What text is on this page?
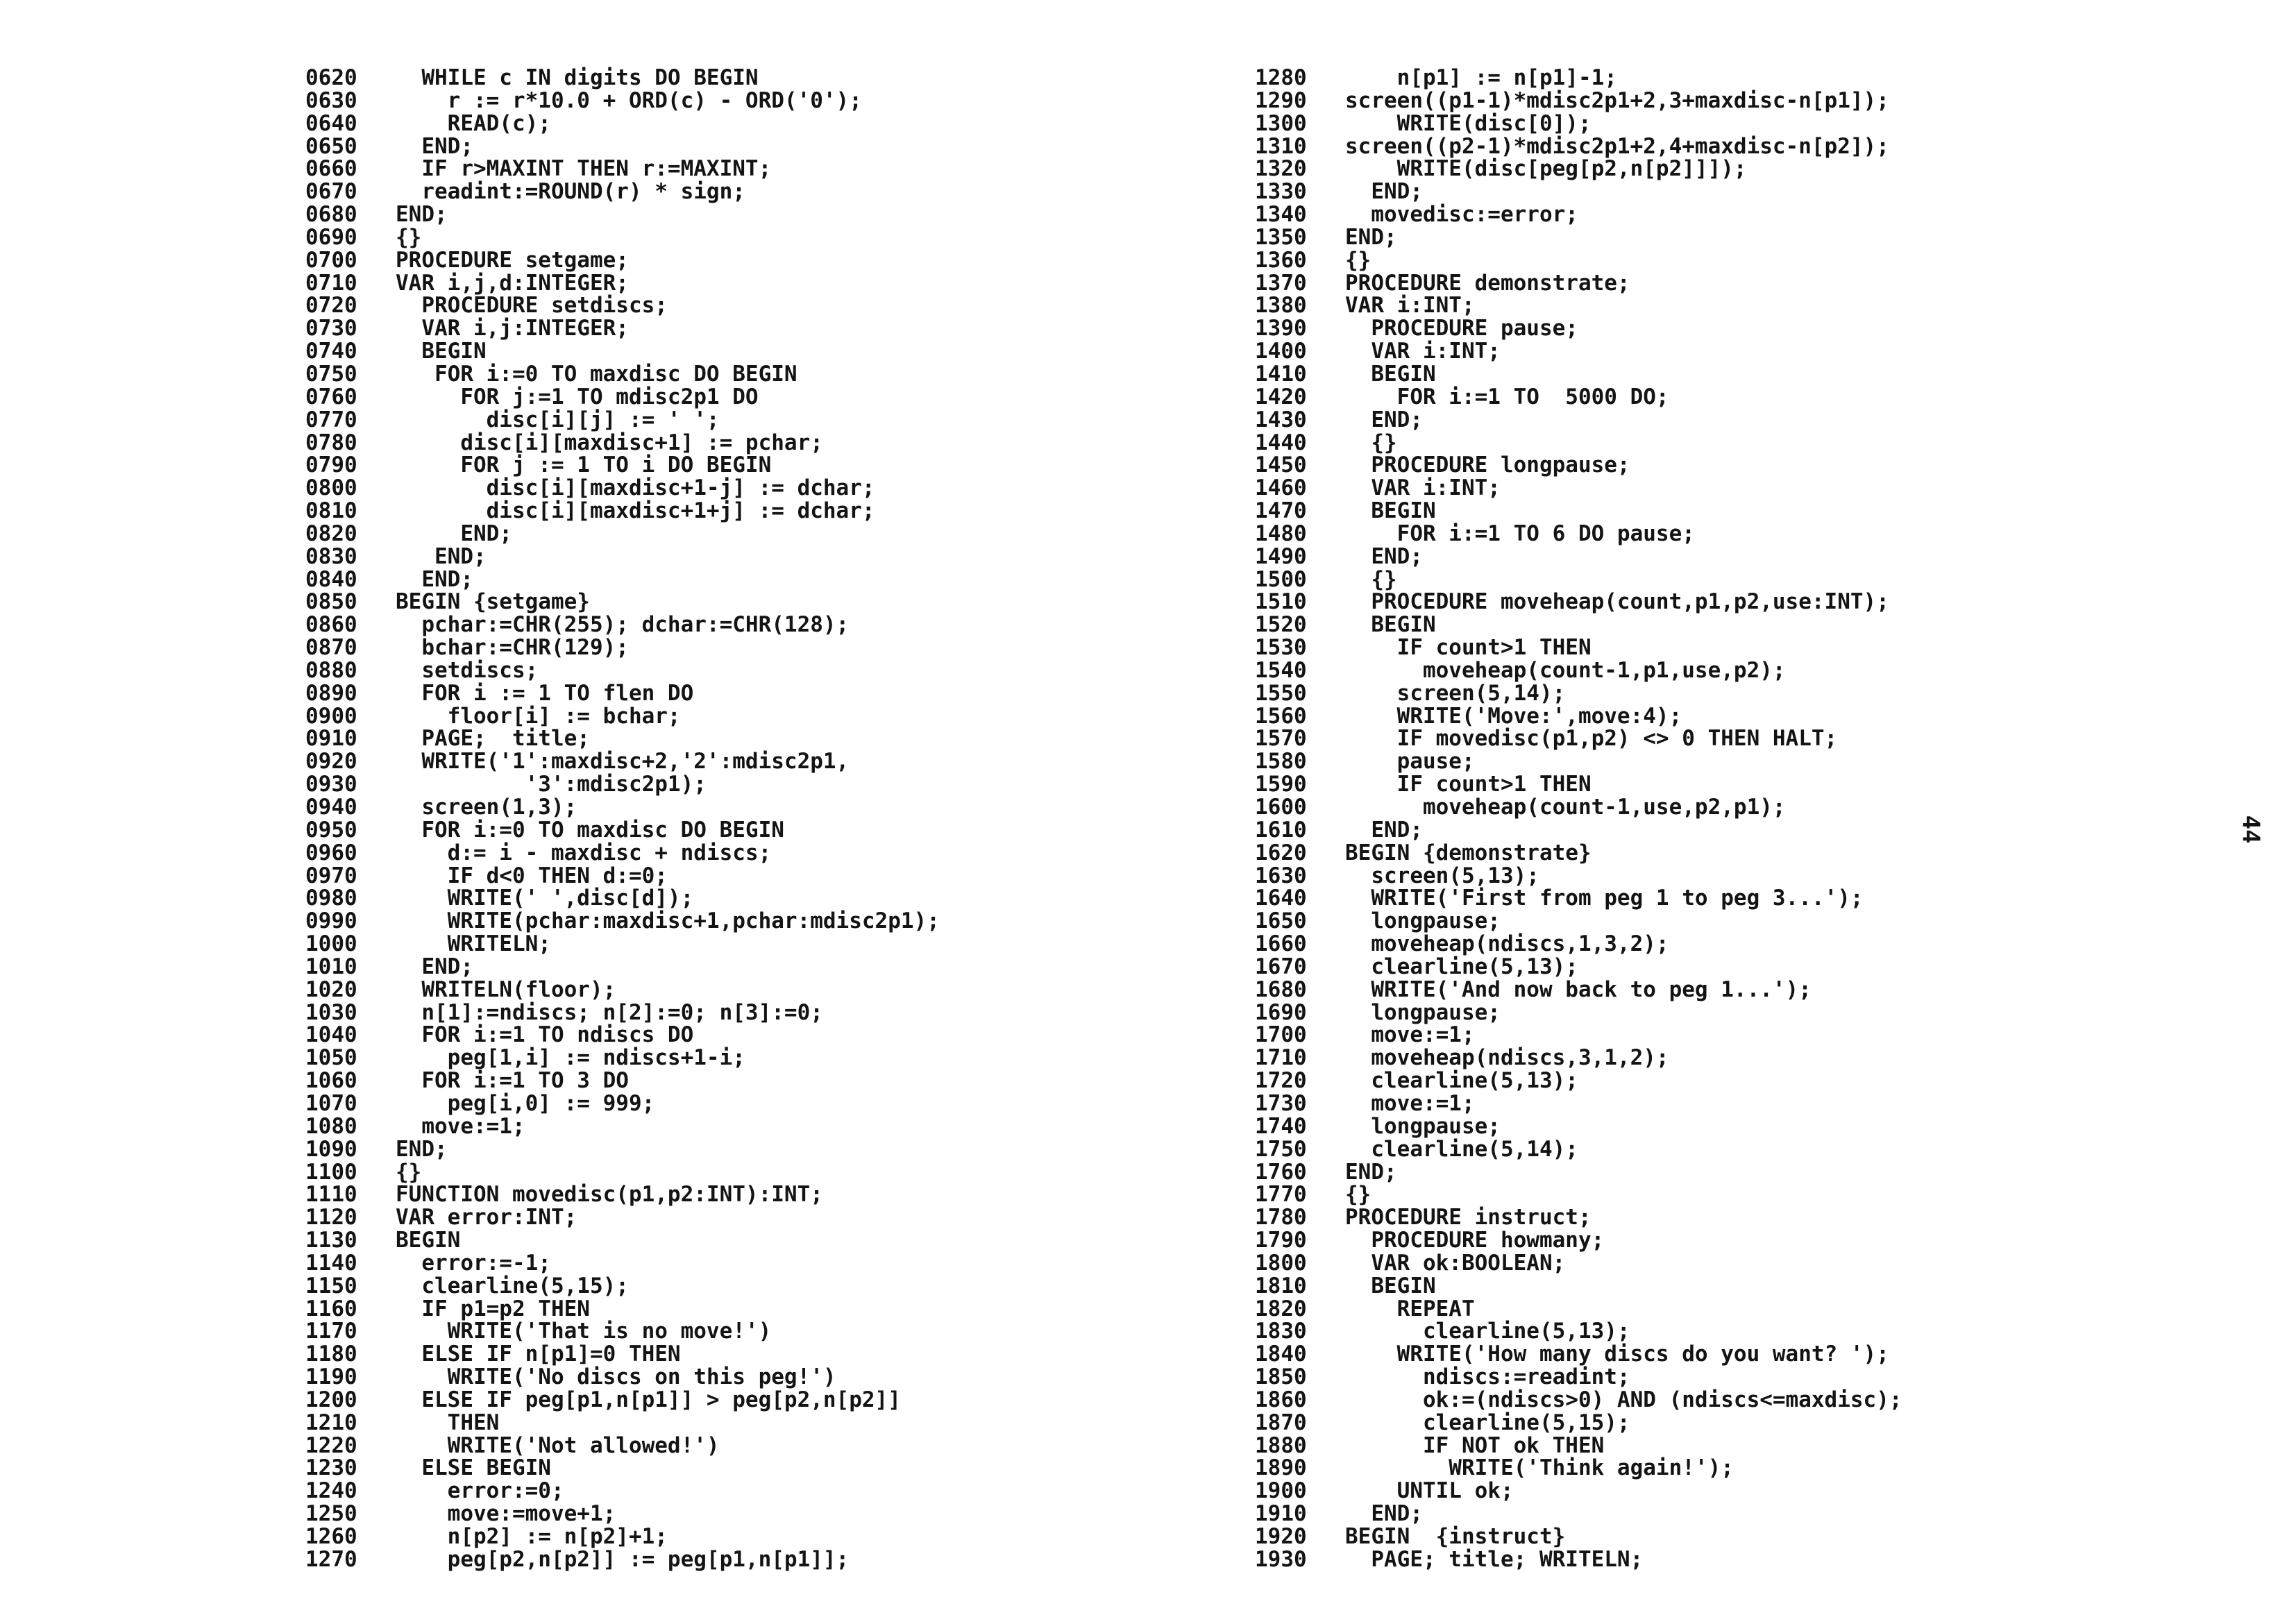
0620  WHILE c IN digits DO BEGIN
0630    r := r*10.0 + ORD(c) - ORD('0');
0640    READ(c);
0650  END;
0660  IF r>MAXINT THEN r:=MAXINT;
0670  readint:=ROUND(r) * sign;
0680 END;
0690 {}
0700 PROCEDURE setgame;
0710 VAR i,j,d:INTEGER;
0720  PROCEDURE setdiscs;
0730  VAR i,j:INTEGER;
0740  BEGIN
0750   FOR i:=0 TO maxdisc DO BEGIN
0760     FOR j:=1 TO mdisc2p1 DO
0770       disc[i][j] := ' ';
0780     disc[i][maxdisc+1] := pchar;
0790     FOR j := 1 TO i DO BEGIN
0800       disc[i][maxdisc+1-j] := dchar;
0810       disc[i][maxdisc+1+j] := dchar;
0820     END;
0830   END;
0840  END;
0850 BEGIN {setgame}
0860  pchar:=CHR(255); dchar:=CHR(128);
0870  bchar:=CHR(129);
0880  setdiscs;
0890  FOR i := 1 TO flen DO
0900    floor[i] := bchar;
0910  PAGE;  title;
0920  WRITE('1':maxdisc+2,'2':mdisc2p1,
0930          '3':mdisc2p1);
0940  screen(1,3);
0950  FOR i:=0 TO maxdisc DO BEGIN
0960    d:= i - maxdisc + ndiscs;
0970    IF d<0 THEN d:=0;
0980    WRITE(' ',disc[d]);
0990    WRITE(pchar:maxdisc+1,pchar:mdisc2p1);
1000    WRITELN;
1010  END;
1020  WRITELN(floor);
1030  n[1]:=ndiscs; n[2]:=0; n[3]:=0;
1040  FOR i:=1 TO ndiscs DO
1050    peg[1,i] := ndiscs+1-i;
1060  FOR i:=1 TO 3 DO
1070    peg[i,0] := 999;
1080  move:=1;
1090 END;
1100 {}
1110 FUNCTION movedisc(p1,p2:INT):INT;
1120 VAR error:INT;
1130 BEGIN
1140  error:=-1;
1150  clearline(5,15);
1160  IF p1=p2 THEN
1170    WRITE('That is no move!')
1180  ELSE IF n[p1]=0 THEN
1190    WRITE('No discs on this peg!')
1200  ELSE IF peg[p1,n[p1]] > peg[p2,n[p2]]
1210    THEN
1220    WRITE('Not allowed!')
1230  ELSE BEGIN
1240    error:=0;
1250    move:=move+1;
1260    n[p2] := n[p2]+1;
1270    peg[p2,n[p2]] := peg[p1,n[p1]];
1280    n[p1] := n[p1]-1;
1290 screen((p1-1)*mdisc2p1+2,3+maxdisc-n[p1]);
1300    WRITE(disc[0]);
1310 screen((p2-1)*mdisc2p1+2,4+maxdisc-n[p2]);
1320    WRITE(disc[peg[p2,n[p2]]]);
1330  END;
1340  movedisc:=error;
1350 END;
1360 {}
1370 PROCEDURE demonstrate;
1380 VAR i:INT;
1390  PROCEDURE pause;
1400  VAR i:INT;
1410  BEGIN
1420    FOR i:=1 TO  5000 DO;
1430  END;
1440  {}
1450  PROCEDURE longpause;
1460  VAR i:INT;
1470  BEGIN
1480    FOR i:=1 TO 6 DO pause;
1490  END;
1500  {}
1510  PROCEDURE moveheap(count,p1,p2,use:INT);
1520  BEGIN
1530    IF count>1 THEN
1540      moveheap(count-1,p1,use,p2);
1550    screen(5,14);
1560    WRITE('Move:',move:4);
1570    IF movedisc(p1,p2) <> 0 THEN HALT;
1580    pause;
1590    IF count>1 THEN
1600      moveheap(count-1,use,p2,p1);
1610  END;
1620 BEGIN {demonstrate}
1630  screen(5,13);
1640  WRITE('First from peg 1 to peg 3...');
1650  longpause;
1660  moveheap(ndiscs,1,3,2);
1670  clearline(5,13);
1680  WRITE('And now back to peg 1...');
1690  longpause;
1700  move:=1;
1710  moveheap(ndiscs,3,1,2);
1720  clearline(5,13);
1730  move:=1;
1740  longpause;
1750  clearline(5,14);
1760 END;
1770 {}
1780 PROCEDURE instruct;
1790  PROCEDURE howmany;
1800  VAR ok:BOOLEAN;
1810  BEGIN
1820    REPEAT
1830      clearline(5,13);
1840    WRITE('How many discs do you want? ');
1850      ndiscs:=readint;
1860      ok:=(ndiscs>0) AND (ndiscs<=maxdisc);
1870      clearline(5,15);
1880      IF NOT ok THEN
1890        WRITE('Think again!');
1900    UNTIL ok;
1910  END;
1920 BEGIN  {instruct}
1930  PAGE; title; WRITELN;
44
